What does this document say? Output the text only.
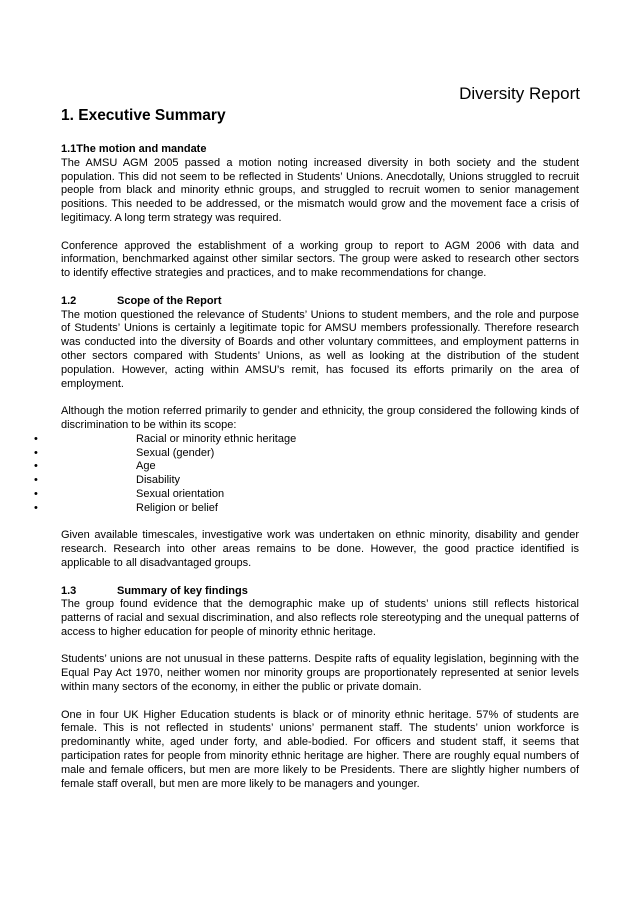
Diversity Report
1. Executive Summary
1.1The motion and mandate

The AMSU AGM 2005 passed a motion noting increased diversity in both society and the student population. This did not seem to be reflected in Students’ Unions. Anecdotally, Unions struggled to recruit people from black and minority ethnic groups, and struggled to recruit women to senior management positions. This needed to be addressed, or the mismatch would grow and the movement face a crisis of legitimacy. A long term strategy was required.

Conference approved the establishment of a working group to report to AGM 2006 with data and information, benchmarked against other similar sectors. The group were asked to research other sectors to identify effective strategies and practices, and to make recommendations for change.

1.2	Scope of the Report

The motion questioned the relevance of Students’ Unions to student members, and the role and purpose of Students’ Unions is certainly a legitimate topic for AMSU members professionally. Therefore research was conducted into the diversity of Boards and other voluntary committees, and employment patterns in other sectors compared with Students’ Unions, as well as looking at the distribution of the student population. However, acting within AMSU’s remit, has focused its efforts primarily on the area of employment.

Although the motion referred primarily to gender and ethnicity, the group considered the following kinds of discrimination to be within its scope:

•	Racial or minority ethnic heritage
•	Sexual (gender)
•	Age
•	Disability
•	Sexual orientation
•	Religion or belief

Given available timescales, investigative work was undertaken on ethnic minority, disability and gender research. Research into other areas remains to be done. However, the good practice identified is applicable to all disadvantaged groups.

1.3	Summary of key findings

The group found evidence that the demographic make up of students’ unions still reflects historical patterns of racial and sexual discrimination, and also reflects role stereotyping and the unequal patterns of access to higher education for people of minority ethnic heritage.

Students’ unions are not unusual in these patterns. Despite rafts of equality legislation, beginning with the Equal Pay Act 1970, neither women nor minority groups are proportionately represented at senior levels within many sectors of the economy, in either the public or private domain.

One in four UK Higher Education students is black or of minority ethnic heritage. 57% of students are female. This is not reflected in students’ unions’ permanent staff. The students’ union workforce is predominantly white, aged under forty, and able-bodied. For officers and student staff, it seems that participation rates for people from minority ethnic heritage are higher. There are roughly equal numbers of male and female officers, but men are more likely to be Presidents. There are slightly higher numbers of female staff overall, but men are more likely to be managers and younger.
